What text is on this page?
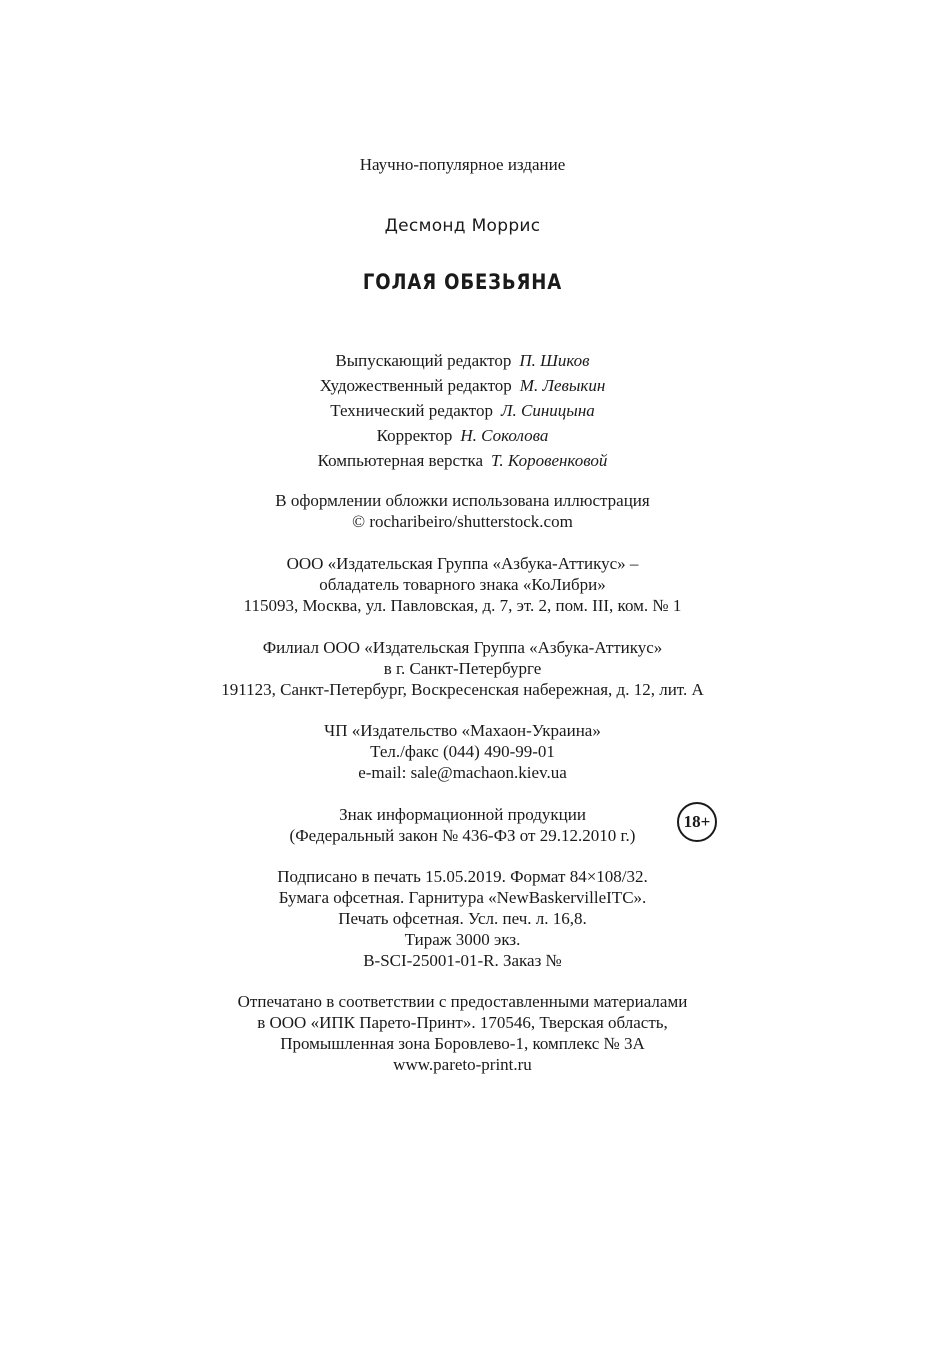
Научно-популярное издание
Десмонд Моррис
ГОЛАЯ ОБЕЗЬЯНА
Выпускающий редактор П. Шиков
Художественный редактор М. Левыкин
Технический редактор Л. Синицына
Корректор Н. Соколова
Компьютерная верстка Т. Коровенковой
В оформлении обложки использована иллюстрация
© rocharibeiro/shutterstock.com
ООО «Издательская Группа «Азбука-Аттикус» –
обладатель товарного знака «КоЛибри»
115093, Москва, ул. Павловская, д. 7, эт. 2, пом. III, ком. № 1
Филиал ООО «Издательская Группа «Азбука-Аттикус»
в г. Санкт-Петербурге
191123, Санкт-Петербург, Воскресенская набережная, д. 12, лит. А
ЧП «Издательство «Махаон-Украина»
Тел./факс (044) 490-99-01
e-mail: sale@machaon.kiev.ua
Знак информационной продукции
(Федеральный закон № 436-ФЗ от 29.12.2010 г.)
18+
Подписано в печать 15.05.2019. Формат 84×108/32.
Бумага офсетная. Гарнитура «NewBaskervilleITC».
Печать офсетная. Усл. печ. л. 16,8.
Тираж 3000 экз.
B-SCI-25001-01-R. Заказ №
Отпечатано в соответствии с предоставленными материалами
в ООО «ИПК Парето-Принт». 170546, Тверская область,
Промышленная зона Боровлево-1, комплекс № 3А
www.pareto-print.ru
